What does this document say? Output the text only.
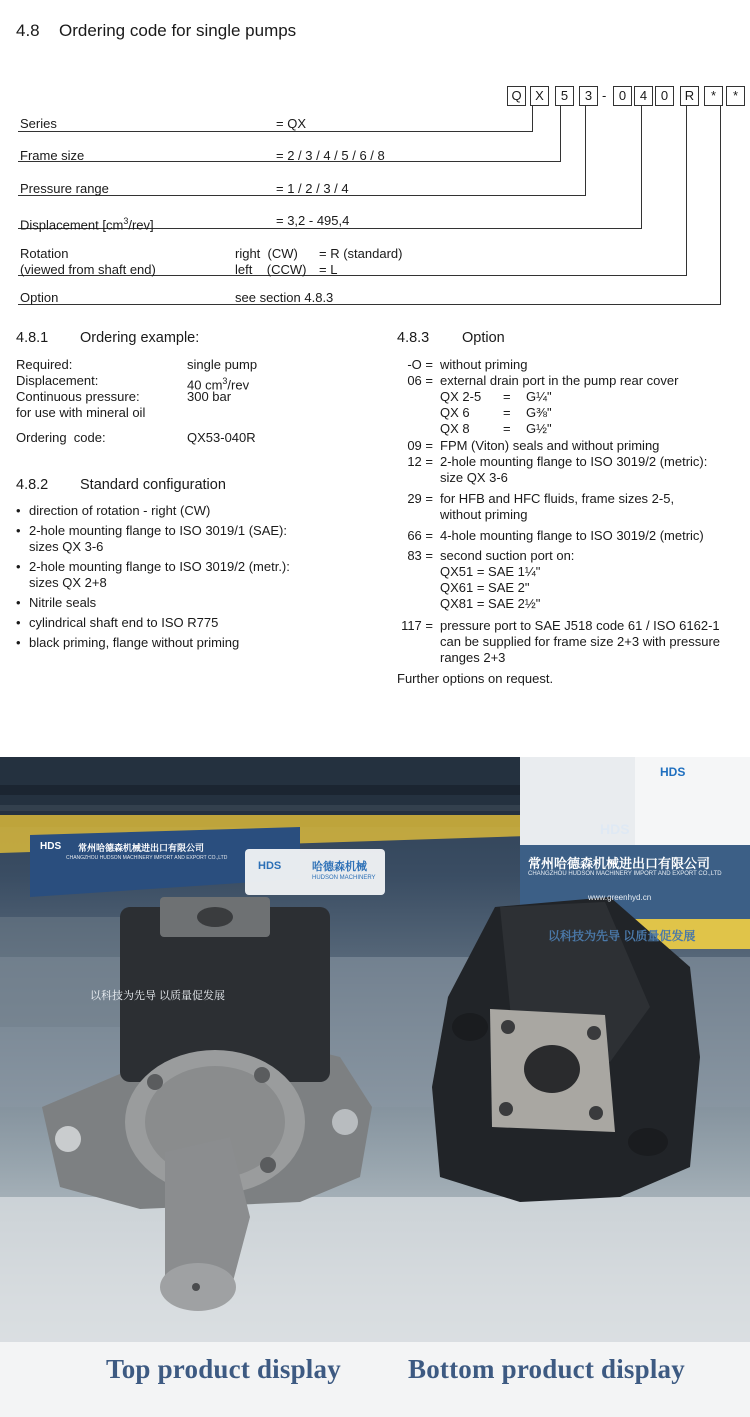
4.8 Ordering code for single pumps
Q	X	5	3 - 0	4	0	R	*	*
Series	= QX
Frame size	= 2 / 3 / 4 / 5 / 6 / 8
Pressure range	= 1 / 2 / 3 / 4
Displacement $[cm^3/rev]$	= 3,2 - 495,4
Rotation
(viewed from shaft end)
right  (CW) = R (standard)
left    (CCW) = L
Option	see section 4.8.3
4.8.1 Ordering example:
Required:	single pump
Displacement:	40 $cm^3$/rev
Continuous pressure:	300 bar
for use with mineral oil
Ordering  code:	QX53-040R
4.8.2 Standard configuration
• direction of rotation - right (CW)
• 2-hole mounting flange to ISO 3019/1 (SAE):
sizes QX 3-6
• 2-hole mounting flange to ISO 3019/2 (metr.):
sizes QX 2+8
• Nitrile seals
• cylindrical shaft end to ISO R775
• black priming, flange without priming
4.8.3 Option
-O = without priming
06 = external drain port in the pump rear cover
QX 2-5 = G¼"
QX 6	= G⅜"
QX 8	= G½"
09 = FPM (Viton) seals and without priming
12 = 2-hole mounting flange to ISO 3019/2 (metric):
size QX 3-6
29 = for HFB and HFC fluids, frame sizes 2-5,
without priming
66 = 4-hole mounting flange to ISO 3019/2 (metric)
83 = second suction port on:
QX51 = SAE 1¼"
QX61 = SAE 2"
QX81 = SAE 2½"
117 = pressure port to SAE J518 code 61 / ISO 6162-1
can be supplied for frame size 2+3 with pressure
ranges 2+3
Further options on request.
HDS 常州哈德森机械进出口有限公司
CHANGZHOU HUDSON MACHINERY IMPORT AND EXPORT CO.,LTD
HDS	哈德森机械
HUDSON MACHINERY
以科技为先导 以质量促发展
HDS
HDS
常州哈德森机械进出口有限公司
CHANGZHOU HUDSON MACHINERY IMPORT AND EXPORT CO.,LTD
www.greenhyd.cn
以科技为先导 以质量促发展
Top product display Bottom product display
